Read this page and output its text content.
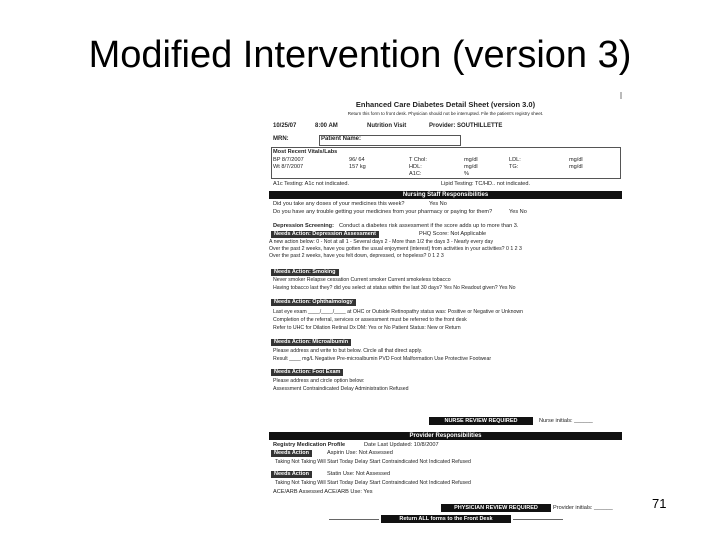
Modified Intervention (version 3)
Enhanced Care Diabetes Detail Sheet (version 3.0)
Return this form to front desk. Physician should not be interrupted. File the patient's registry sheet.
10/25/07	8:00 AM	Nutrition Visit	Provider: SOUTHILLETTE
MRN:	Patient Name:
Most Recent Vitals/Labs
BP 8/7/2007	96/ 64	T Chol:	mg/dl	LDL:	mg/dl
Wt 8/7/2007	157 kg	HDL:	mg/dl	TG:	mg/dl
A1C:	%
A1c Testing: A1c not indicated.	Lipid Testing: TC/HD.. not indicated.
Nursing Staff Responsibilities
Did you take any doses of your medicines this week?	Yes No
Do you have any trouble getting your medicines from your pharmacy or paying for them?	Yes No
Depression Screening: Conduct a diabetes risk assessment if the score adds up to more than 3.
Needs Action: Depression Assessment	PHQ Score: Not Applicable
A new action below: 0 - Not at all 1 - Several days 2 - More than 1/2 the days 3 - Nearly every day
Over the past 2 weeks, have you gotten the usual enjoyment (interest) from activities in your activities? 0 1 2 3
Over the past 2 weeks, have you felt down, depressed, or hopeless? 0 1 2 3
Needs Action: Smoking
Never smoker Relapse cessation Current smoker Current smokeless tobacco
Having tobacco last they? did you select at status within the last 30 days? Yes No Readout given? Yes No
Needs Action: Ophthalmology
Last eye exam ____/____/____ at OHC or Outside Retinopathy status was: Positive or Negative or Unknown
Completion of the referral, services or assessment must be referred to the front desk
Refer to UHC for Dilation Retinal Dx DM: Yes or No Patient Status: New or Return
Needs Action: Microalbumin
Please address and write to but below. Circle all that direct apply.
Result ____ mg/L Negative Pre-microalbumin PVD Foot Malformation Use Protective Footwear
Needs Action: Foot Exam
Please address and circle option below:
Assessment Contraindicated Delay Administration Refused
NURSE REVIEW REQUIRED	Nurse initials: ______
Provider Responsibilities
Registry Medication Profile	Date Last Updated: 10/8/2007
Needs Action	Aspirin Use: Not Assessed
Taking Not Taking Will Start Today Delay Start Contraindicated Not Indicated Refused
Needs Action	Statin Use: Not Assessed
Taking Not Taking Will Start Today Delay Start Contraindicated Not Indicated Refused
ACE/ARB Assessed ACE/ARB Use: Yes
PHYSICIAN REVIEW REQUIRED	Provider initials: ______
Return ALL forms to the Front Desk
71
